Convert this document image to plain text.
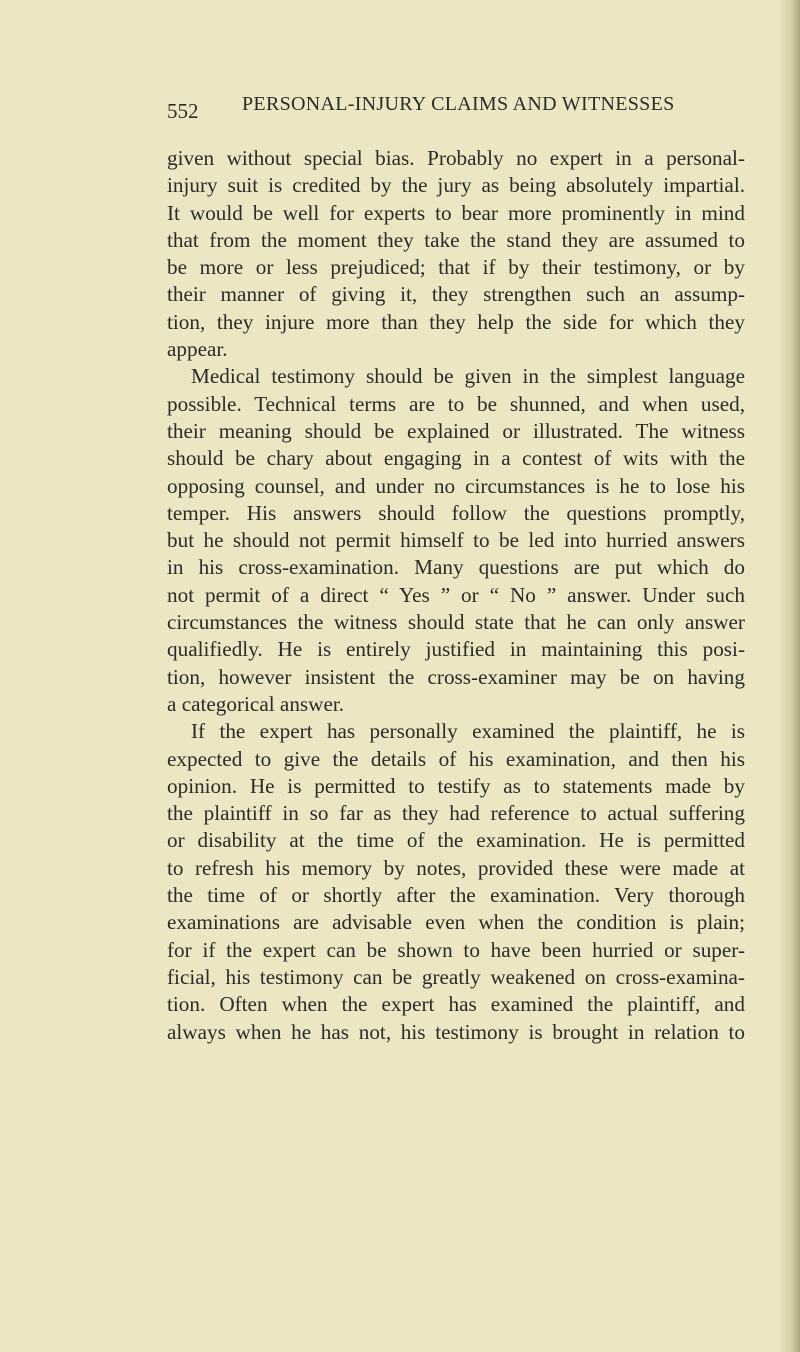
552 PERSONAL-INJURY CLAIMS AND WITNESSES
given without special bias. Probably no expert in a personal-
injury suit is credited by the jury as being absolutely impartial.
It would be well for experts to bear more prominently in mind
that from the moment they take the stand they are assumed to
be more or less prejudiced; that if by their testimony, or by
their manner of giving it, they strengthen such an assump-
tion, they injure more than they help the side for which they
appear.
Medical testimony should be given in the simplest language
possible. Technical terms are to be shunned, and when used,
their meaning should be explained or illustrated. The witness
should be chary about engaging in a contest of wits with the
opposing counsel, and under no circumstances is he to lose his
temper. His answers should follow the questions promptly,
but he should not permit himself to be led into hurried answers
in his cross-examination. Many questions are put which do
not permit of a direct “ Yes ” or “ No ” answer. Under such
circumstances the witness should state that he can only answer
qualifiedly. He is entirely justified in maintaining this posi-
tion, however insistent the cross-examiner may be on having
a categorical answer.
If the expert has personally examined the plaintiff, he is
expected to give the details of his examination, and then his
opinion. He is permitted to testify as to statements made by
the plaintiff in so far as they had reference to actual suffering
or disability at the time of the examination. He is permitted
to refresh his memory by notes, provided these were made at
the time of or shortly after the examination. Very thorough
examinations are advisable even when the condition is plain;
for if the expert can be shown to have been hurried or super-
ficial, his testimony can be greatly weakened on cross-examina-
tion. Often when the expert has examined the plaintiff, and
always when he has not, his testimony is brought in relation to
